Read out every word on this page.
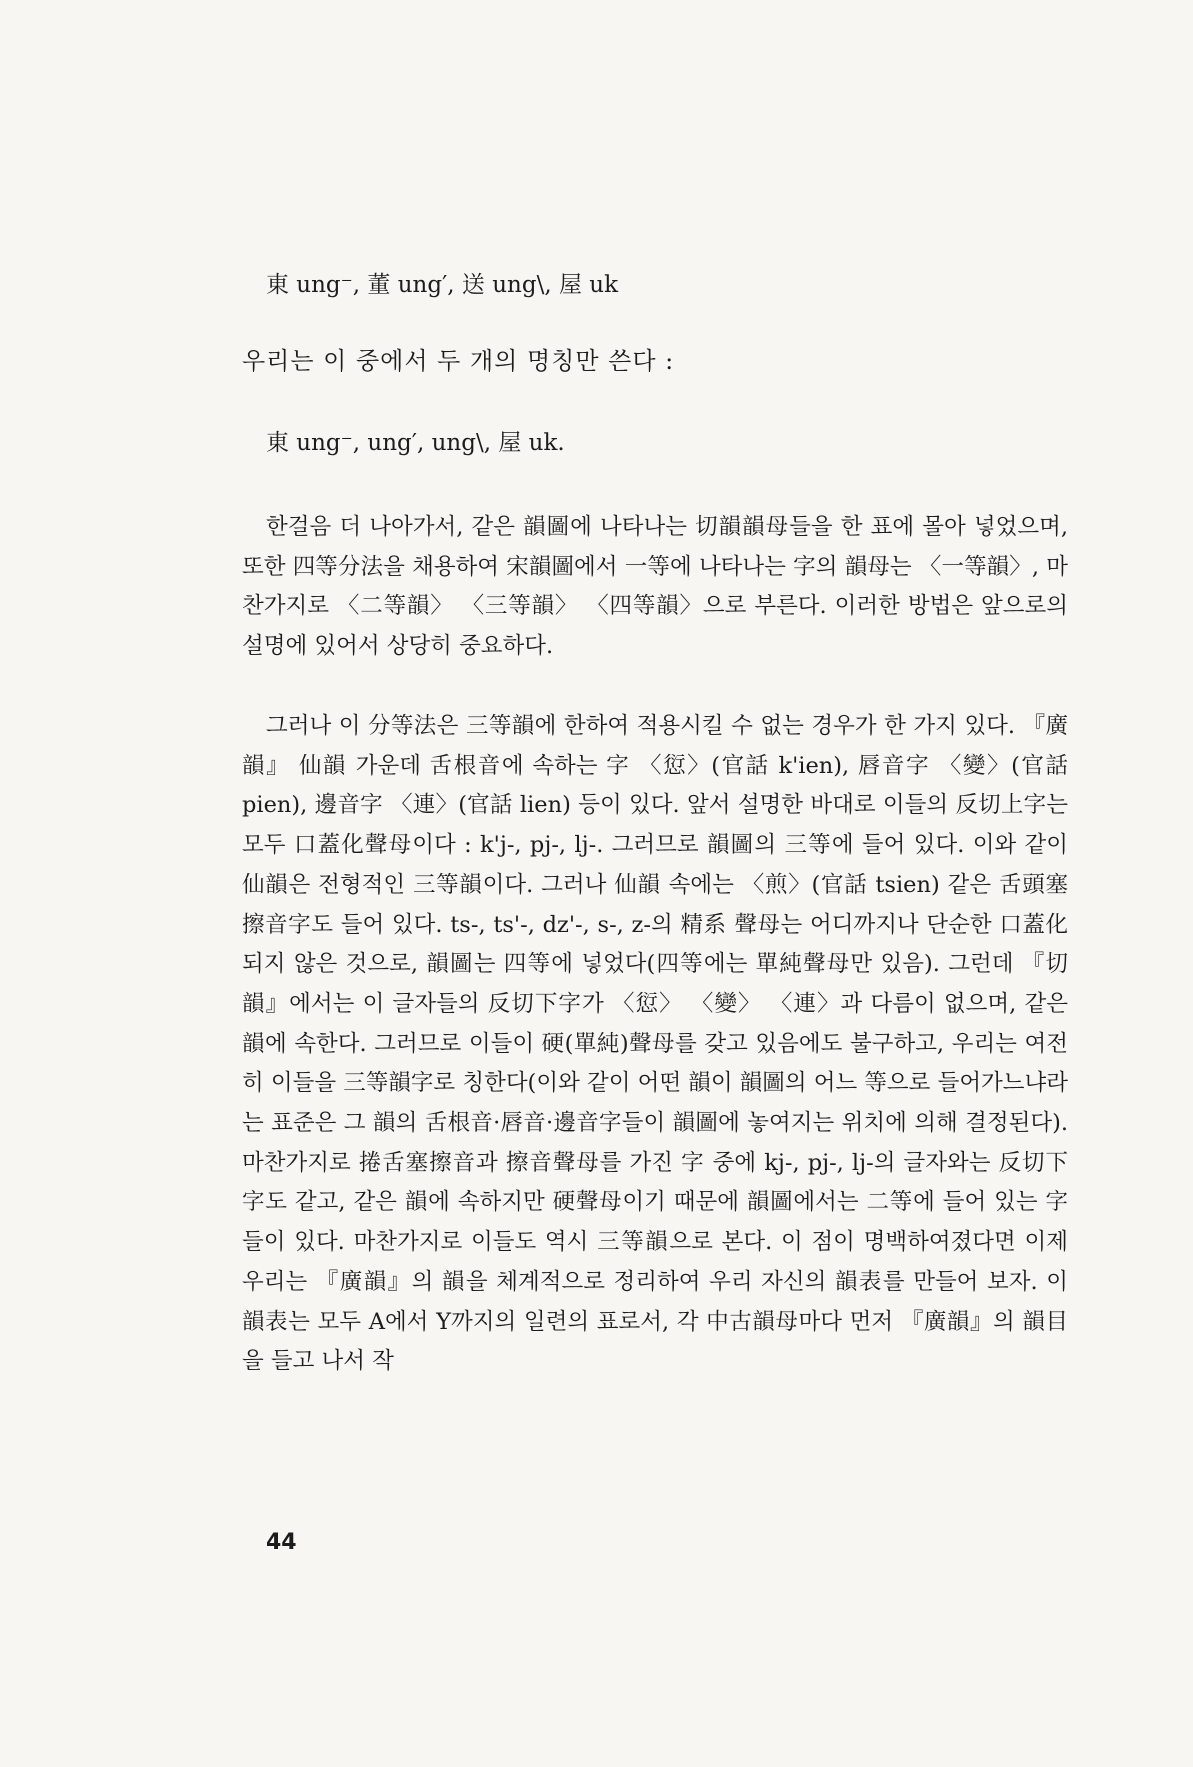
東 ung⁻, 董 ung′, 送 ung\, 屋 uk
우리는 이 중에서 두 개의 명칭만 쓴다 :
東 ung⁻, ung′, ung\, 屋 uk.

한걸음 더 나아가서, 같은 韻圖에 나타나는 切韻韻母들을 한 표에 몰아 넣었으며, 또한 四等分法을 채용하여 宋韻圖에서 一等에 나타나는 字의 韻母는 〈一等韻〉, 마찬가지로 〈二等韻〉 〈三等韻〉 〈四等韻〉으로 부른다. 이러한 방법은 앞으로의 설명에 있어서 상당히 중요하다.

그러나 이 分等法은 三等韻에 한하여 적용시킬 수 없는 경우가 한 가지 있다. 『廣韻』 仙韻 가운데 舌根音에 속하는 字 〈愆〉(官話 k'ien), 唇音字 〈變〉(官話 pien), 邊音字 〈連〉(官話 lien) 등이 있다. 앞서 설명한 바대로 이들의 反切上字는 모두 口蓋化聲母이다 : k'j-, pj-, lj-. 그러므로 韻圖의 三等에 들어 있다. 이와 같이 仙韻은 전형적인 三等韻이다. 그러나 仙韻 속에는 〈煎〉(官話 tsien) 같은 舌頭塞擦音字도 들어 있다. ts-, ts'-, dz'-, s-, z-의 精系 聲母는 어디까지나 단순한 口蓋化되지 않은 것으로, 韻圖는 四等에 넣었다(四等에는 單純聲母만 있음). 그런데 『切韻』에서는 이 글자들의 反切下字가 〈愆〉 〈變〉 〈連〉과 다름이 없으며, 같은 韻에 속한다. 그러므로 이들이 硬(單純)聲母를 갖고 있음에도 불구하고, 우리는 여전히 이들을 三等韻字로 칭한다(이와 같이 어떤 韻이 韻圖의 어느 等으로 들어가느냐라는 표준은 그 韻의 舌根音·唇音·邊音字들이 韻圖에 놓여지는 위치에 의해 결정된다). 마찬가지로 捲舌塞擦音과 擦音聲母를 가진 字 중에 kj-, pj-, lj-의 글자와는 反切下字도 같고, 같은 韻에 속하지만 硬聲母이기 때문에 韻圖에서는 二等에 들어 있는 字들이 있다. 마찬가지로 이들도 역시 三等韻으로 본다. 이 점이 명백하여졌다면 이제 우리는 『廣韻』의 韻을 체계적으로 정리하여 우리 자신의 韻表를 만들어 보자. 이 韻表는 모두 A에서 Y까지의 일련의 표로서, 각 中古韻母마다 먼저 『廣韻』의 韻目을 들고 나서 작

44
